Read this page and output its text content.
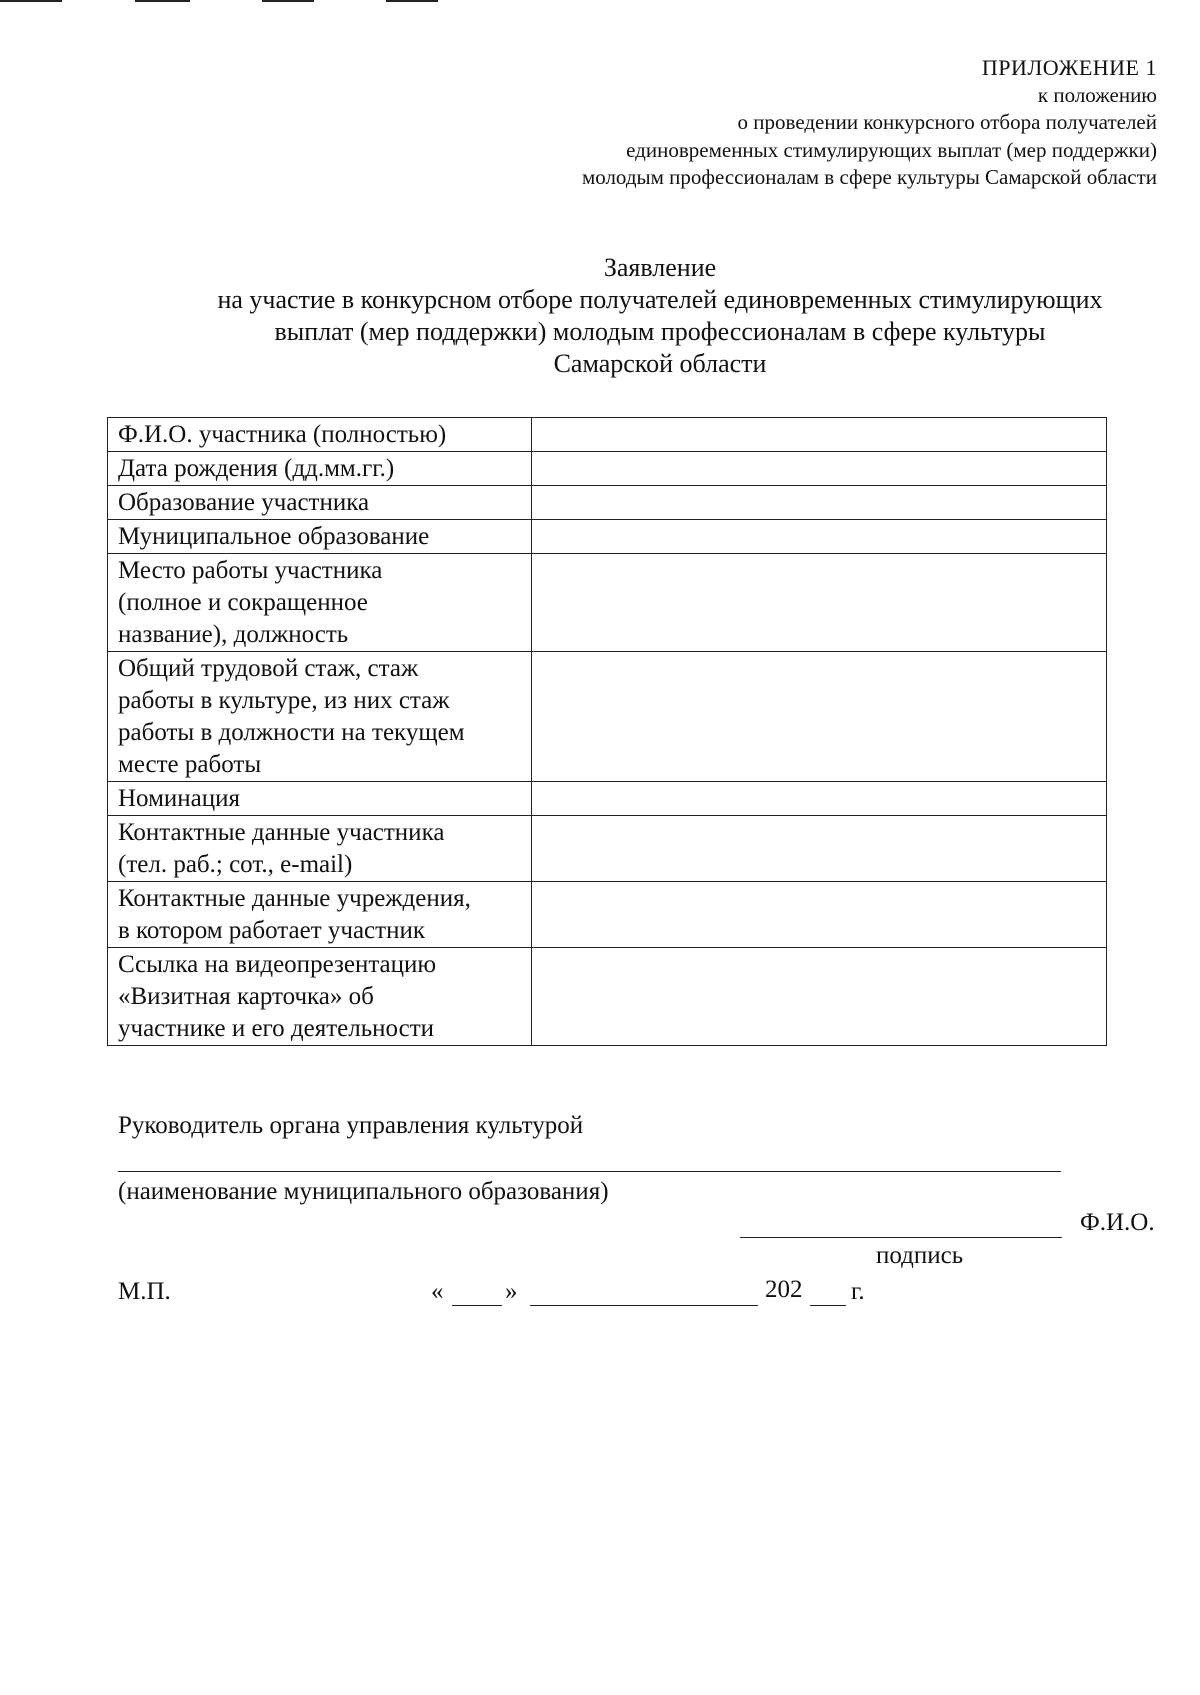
ПРИЛОЖЕНИЕ 1
к положению
о проведении конкурсного отбора получателей
единовременных стимулирующих выплат (мер поддержки)
молодым профессионалам в сфере культуры Самарской области
Заявление
на участие в конкурсном отборе получателей единовременных стимулирующих
выплат (мер поддержки) молодым профессионалам в сфере культуры
Самарской области
Ф.И.О. участника (полностью)	

Дата рождения (дд.мм.гг.)	

Образование участника	

Муниципальное образование	

Место работы участника
(полное и сокращенное
название), должность	

Общий трудовой стаж, стаж
работы в культуре, из них стаж
работы в должности на текущем
месте работы	

Номинация	

Контактные данные участника
(тел. раб.; сот., e-mail)	

Контактные данные учреждения,
в котором работает участник	

Ссылка на видеопрезентацию
«Визитная карточка» об
участнике и его деятельности	

Руководитель органа управления культурой
(наименование муниципального образования)
Ф.И.О.
подпись
М.П.	« »	202 г.
